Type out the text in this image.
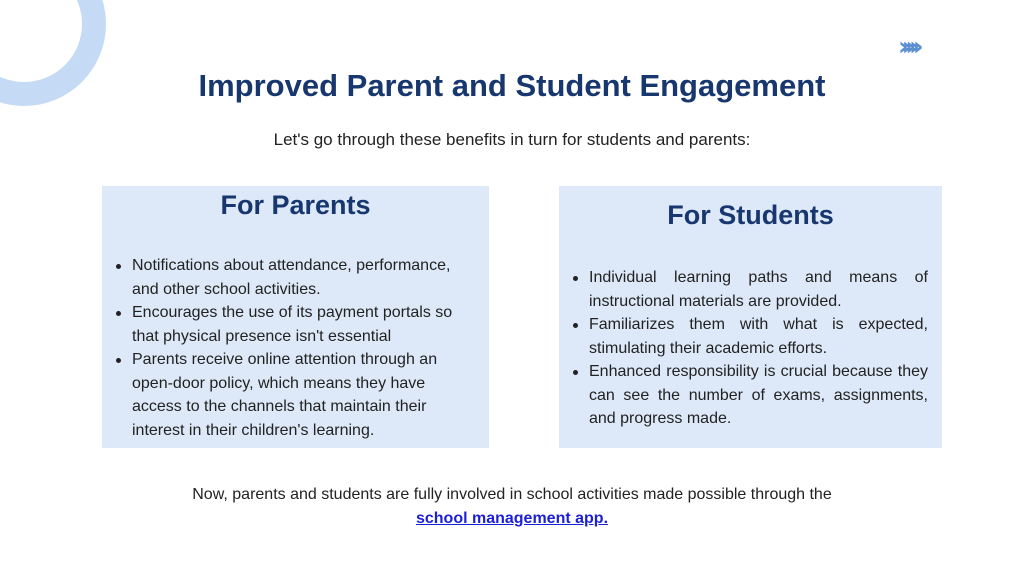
›››››
Improved Parent and Student Engagement

Let's go through these benefits in turn for students and parents:

For Parents
Notifications about attendance, performance, and other school activities.
Encourages the use of its payment portals so that physical presence isn't essential
Parents receive online attention through an open-door policy, which means they have access to the channels that maintain their interest in their children's learning.
For Students
Individual learning paths and means of instructional materials are provided.
Familiarizes them with what is expected, stimulating their academic efforts.
Enhanced responsibility is crucial because they can see the number of exams, assignments, and progress made.
Now, parents and students are fully involved in school activities made possible through the
school management app.
